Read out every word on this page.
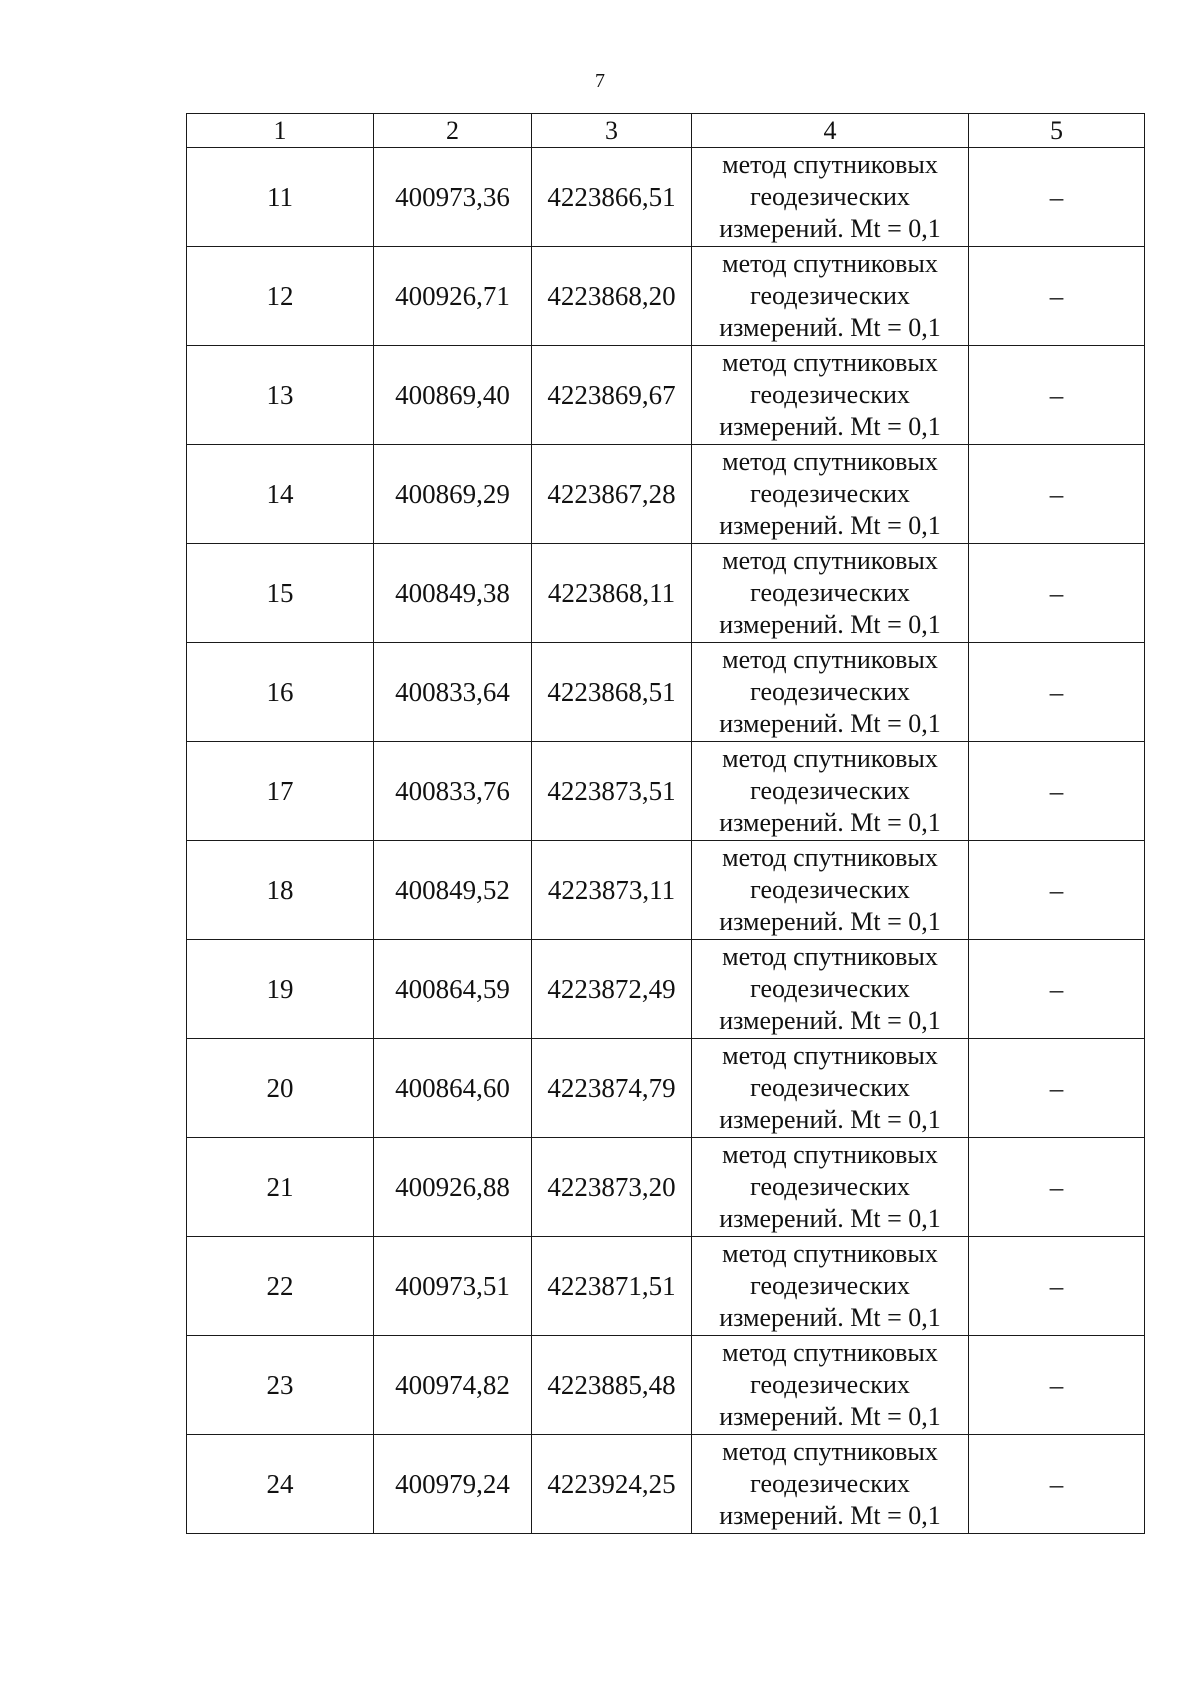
7
1	2	3	4	5
11	400973,36	4223866,51	метод спутниковых
геодезических
измерений. Mt = 0,1	–
12	400926,71	4223868,20	метод спутниковых
геодезических
измерений. Mt = 0,1	–
13	400869,40	4223869,67	метод спутниковых
геодезических
измерений. Mt = 0,1	–
14	400869,29	4223867,28	метод спутниковых
геодезических
измерений. Mt = 0,1	–
15	400849,38	4223868,11	метод спутниковых
геодезических
измерений. Mt = 0,1	–
16	400833,64	4223868,51	метод спутниковых
геодезических
измерений. Mt = 0,1	–
17	400833,76	4223873,51	метод спутниковых
геодезических
измерений. Mt = 0,1	–
18	400849,52	4223873,11	метод спутниковых
геодезических
измерений. Mt = 0,1	–
19	400864,59	4223872,49	метод спутниковых
геодезических
измерений. Mt = 0,1	–
20	400864,60	4223874,79	метод спутниковых
геодезических
измерений. Mt = 0,1	–
21	400926,88	4223873,20	метод спутниковых
геодезических
измерений. Mt = 0,1	–
22	400973,51	4223871,51	метод спутниковых
геодезических
измерений. Mt = 0,1	–
23	400974,82	4223885,48	метод спутниковых
геодезических
измерений. Mt = 0,1	–
24	400979,24	4223924,25	метод спутниковых
геодезических
измерений. Mt = 0,1	–
